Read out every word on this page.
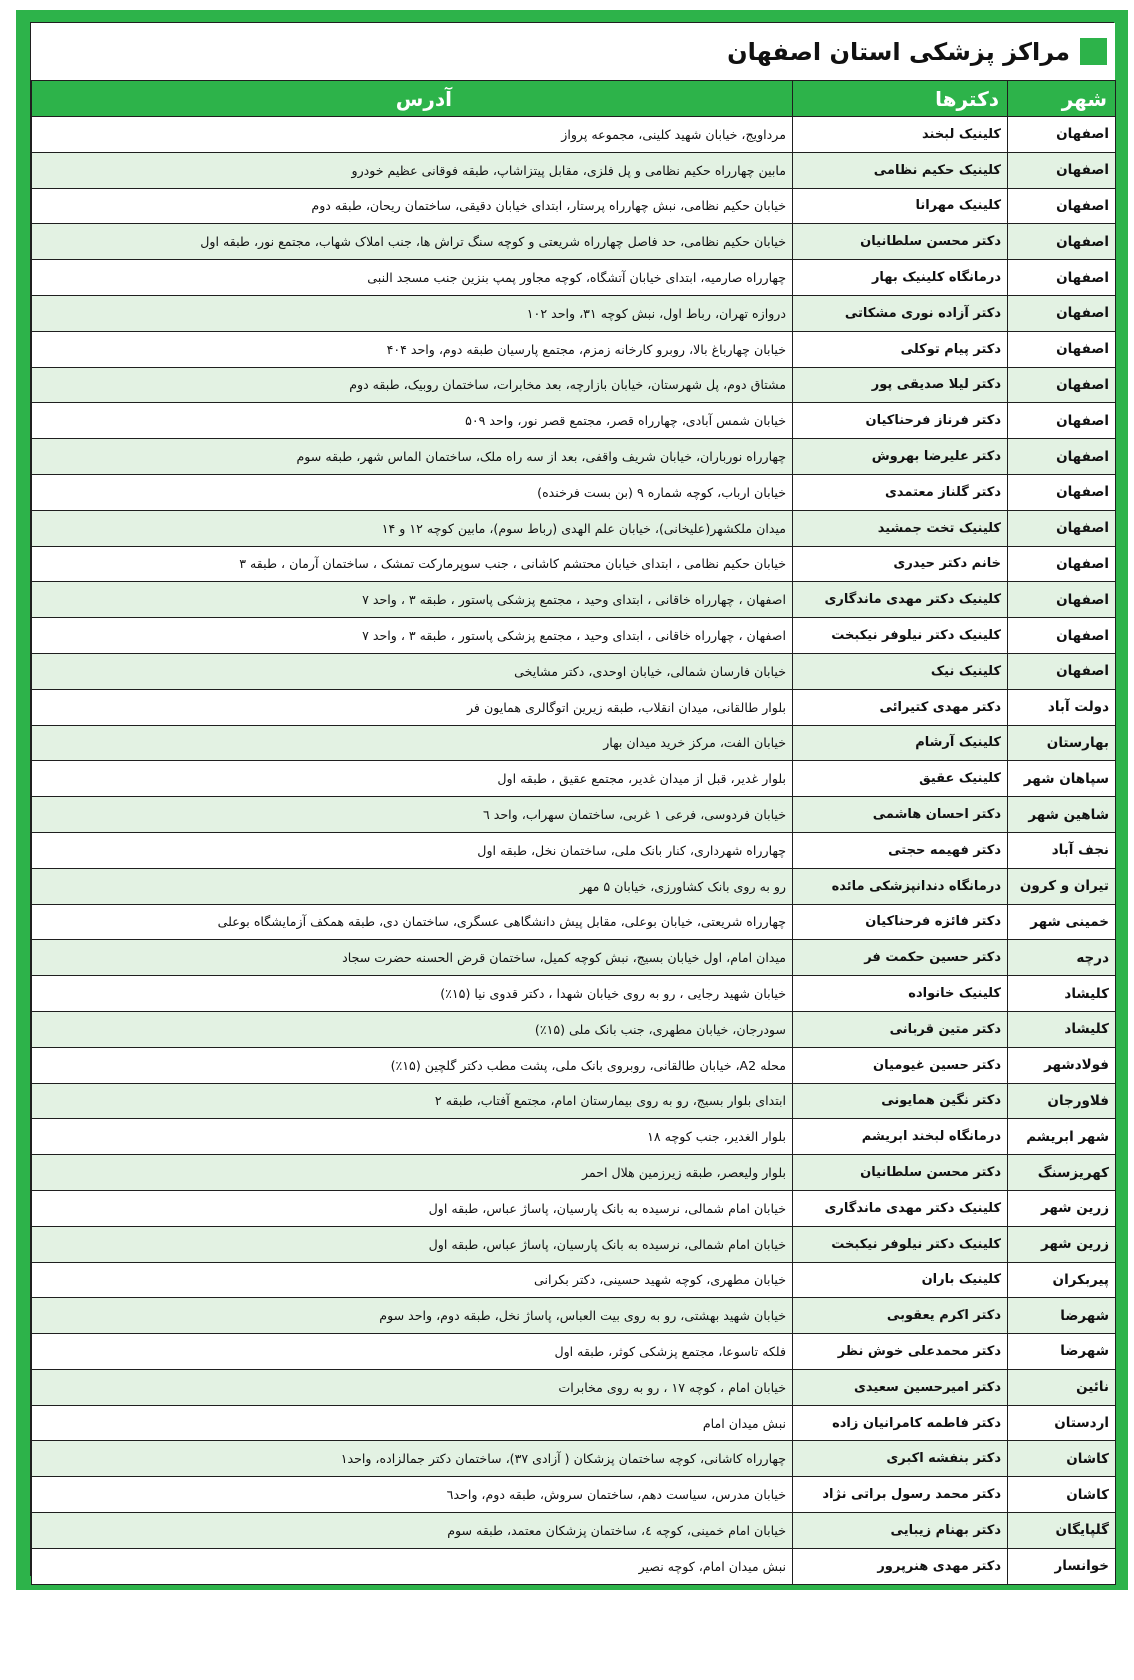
مراکز پزشکی استان اصفهان
شهر	دکترها	آدرس
اصفهان	کلینیک لبخند	مرداویج، خیابان شهید کلینی، مجموعه پرواز
اصفهان	کلینیک حکیم نظامی	مابین چهارراه حکیم نظامی و پل فلزی، مقابل پیتزاشاپ، طبقه فوقانی عظیم خودرو
اصفهان	کلینیک مهرانا	خیابان حکیم نظامی، نبش چهارراه پرستار، ابتدای خیابان دقیقی، ساختمان ریحان، طبقه دوم
اصفهان	دکتر محسن سلطانیان	خیابان حکیم نظامی، حد فاصل چهارراه شریعتی و کوچه سنگ تراش ها، جنب املاک شهاب، مجتمع نور، طبقه اول
اصفهان	درمانگاه کلینیک بهار	چهارراه صارمیه، ابتدای خیابان آتشگاه، کوچه مجاور پمپ بنزین جنب مسجد النبی
اصفهان	دکتر آزاده نوری مشکاتی	دروازه تهران، رباط اول، نبش کوچه ۳۱، واحد ۱۰۲
اصفهان	دکتر پیام توکلی	خیابان چهارباغ بالا، روبرو کارخانه زمزم، مجتمع پارسیان طبقه دوم، واحد ۴۰۴
اصفهان	دکتر لیلا صدیقی پور	مشتاق دوم، پل شهرستان، خیابان بازارچه، بعد مخابرات، ساختمان روبیک، طبقه دوم
اصفهان	دکتر فرناز فرحناکیان	خیابان شمس آبادی، چهارراه قصر، مجتمع قصر نور، واحد ۵۰۹
اصفهان	دکتر علیرضا بهروش	چهارراه نورباران، خیابان شریف واقفی، بعد از سه راه ملک، ساختمان الماس شهر، طبقه سوم
اصفهان	دکتر گلناز معتمدی	خیابان ارباب، کوچه شماره ۹ (بن بست فرخنده)
اصفهان	کلینیک تخت جمشید	میدان ملکشهر(علیخانی)، خیابان علم الهدی (رباط سوم)، مابین کوچه ۱۲ و ۱۴
اصفهان	خانم دکتر حیدری	خیابان حکیم نظامی ، ابتدای خیابان محتشم کاشانی ، جنب سوپرمارکت تمشک ، ساختمان آرمان ، طبقه ۳
اصفهان	کلینیک دکتر مهدی ماندگاری	اصفهان ، چهارراه خاقانی ، ابتدای وحید ، مجتمع پزشکی پاستور ، طبقه ۳ ، واحد ۷
اصفهان	کلینیک دکتر نیلوفر نیکبخت	اصفهان ، چهارراه خاقانی ، ابتدای وحید ، مجتمع پزشکی پاستور ، طبقه ۳ ، واحد ۷
اصفهان	کلینیک نیک	خیابان فارسان شمالی، خیابان اوحدی، دکتر مشایخی
دولت آباد	دکتر مهدی کتیرائی	بلوار طالقانی، میدان انقلاب، طبقه زیرین اتوگالری همایون فر
بهارستان	کلینیک آرشام	خیابان الفت، مرکز خرید میدان بهار
سپاهان شهر	کلینیک عقیق	بلوار غدیر، قبل از میدان غدیر، مجتمع عقیق ، طبقه اول
شاهین شهر	دکتر احسان هاشمی	خیابان فردوسی، فرعی ۱ غربی، ساختمان سهراب، واحد ٦
نجف آباد	دکتر فهیمه حجتی	چهارراه شهرداری، کنار بانک ملی، ساختمان نخل، طبقه اول
تیران و کرون	درمانگاه دندانپزشکی مائده	رو به روی بانک کشاورزی، خیابان ۵ مهر
خمینی شهر	دکتر فائزه فرحناکیان	چهارراه شریعتی، خیابان بوعلی، مقابل پیش دانشگاهی عسگری، ساختمان دی، طبقه همکف آزمایشگاه بوعلی
درچه	دکتر حسین حکمت فر	میدان امام، اول خیابان بسیج، نبش کوچه کمیل، ساختمان قرض الحسنه حضرت سجاد
کلیشاد	کلینیک خانواده	خیابان شهید رجایی ، رو به روی خیابان شهدا ، دکتر قدوی نیا (۱۵٪)
کلیشاد	دکتر متین قربانی	سودرجان، خیابان مطهری، جنب بانک ملی (۱۵٪)
فولادشهر	دکتر حسین غیومیان	محله A2، خیابان طالقانی، روبروی بانک ملی، پشت مطب دکتر گلچین (۱۵٪)
فلاورجان	دکتر نگین همایونی	ابتدای بلوار بسیج، رو به روی بیمارستان امام، مجتمع آفتاب، طبقه ۲
شهر ابریشم	درمانگاه لبخند ابریشم	بلوار الغدیر، جنب کوچه ۱۸
کهریزسنگ	دکتر محسن سلطانیان	بلوار ولیعصر، طبقه زیرزمین هلال احمر
زرین شهر	کلینیک دکتر مهدی ماندگاری	خیابان امام شمالی، نرسیده به بانک پارسیان، پاساژ عباس، طبقه اول
زرین شهر	کلینیک دکتر نیلوفر نیکبخت	خیابان امام شمالی، نرسیده به بانک پارسیان، پاساژ عباس، طبقه اول
پیربکران	کلینیک باران	خیابان مطهری، کوچه شهید حسینی، دکتر بکرانی
شهرضا	دکتر اکرم یعقوبی	خیابان شهید بهشتی، رو به روی بیت العباس، پاساژ نخل، طبقه دوم، واحد سوم
شهرضا	دکتر محمدعلی خوش نظر	فلکه تاسوعا، مجتمع پزشکی کوثر، طبقه اول
نائین	دکتر امیرحسین سعیدی	خیابان امام ، کوچه ۱۷ ، رو به روی مخابرات
اردستان	دکتر فاطمه کامرانیان زاده	نبش میدان امام
کاشان	دکتر بنفشه اکبری	چهارراه کاشانی، کوچه ساختمان پزشکان ( آزادی ۳۷)، ساختمان دکتر جمالزاده، واحد۱
کاشان	دکتر محمد رسول براتی نژاد	خیابان مدرس، سیاست دهم، ساختمان سروش، طبقه دوم، واحد٦
گلپایگان	دکتر بهنام زیبایی	خیابان امام خمینی، کوچه ٤، ساختمان پزشکان معتمد، طبقه سوم
خوانسار	دکتر مهدی هنرپرور	نبش میدان امام، کوچه نصیر
